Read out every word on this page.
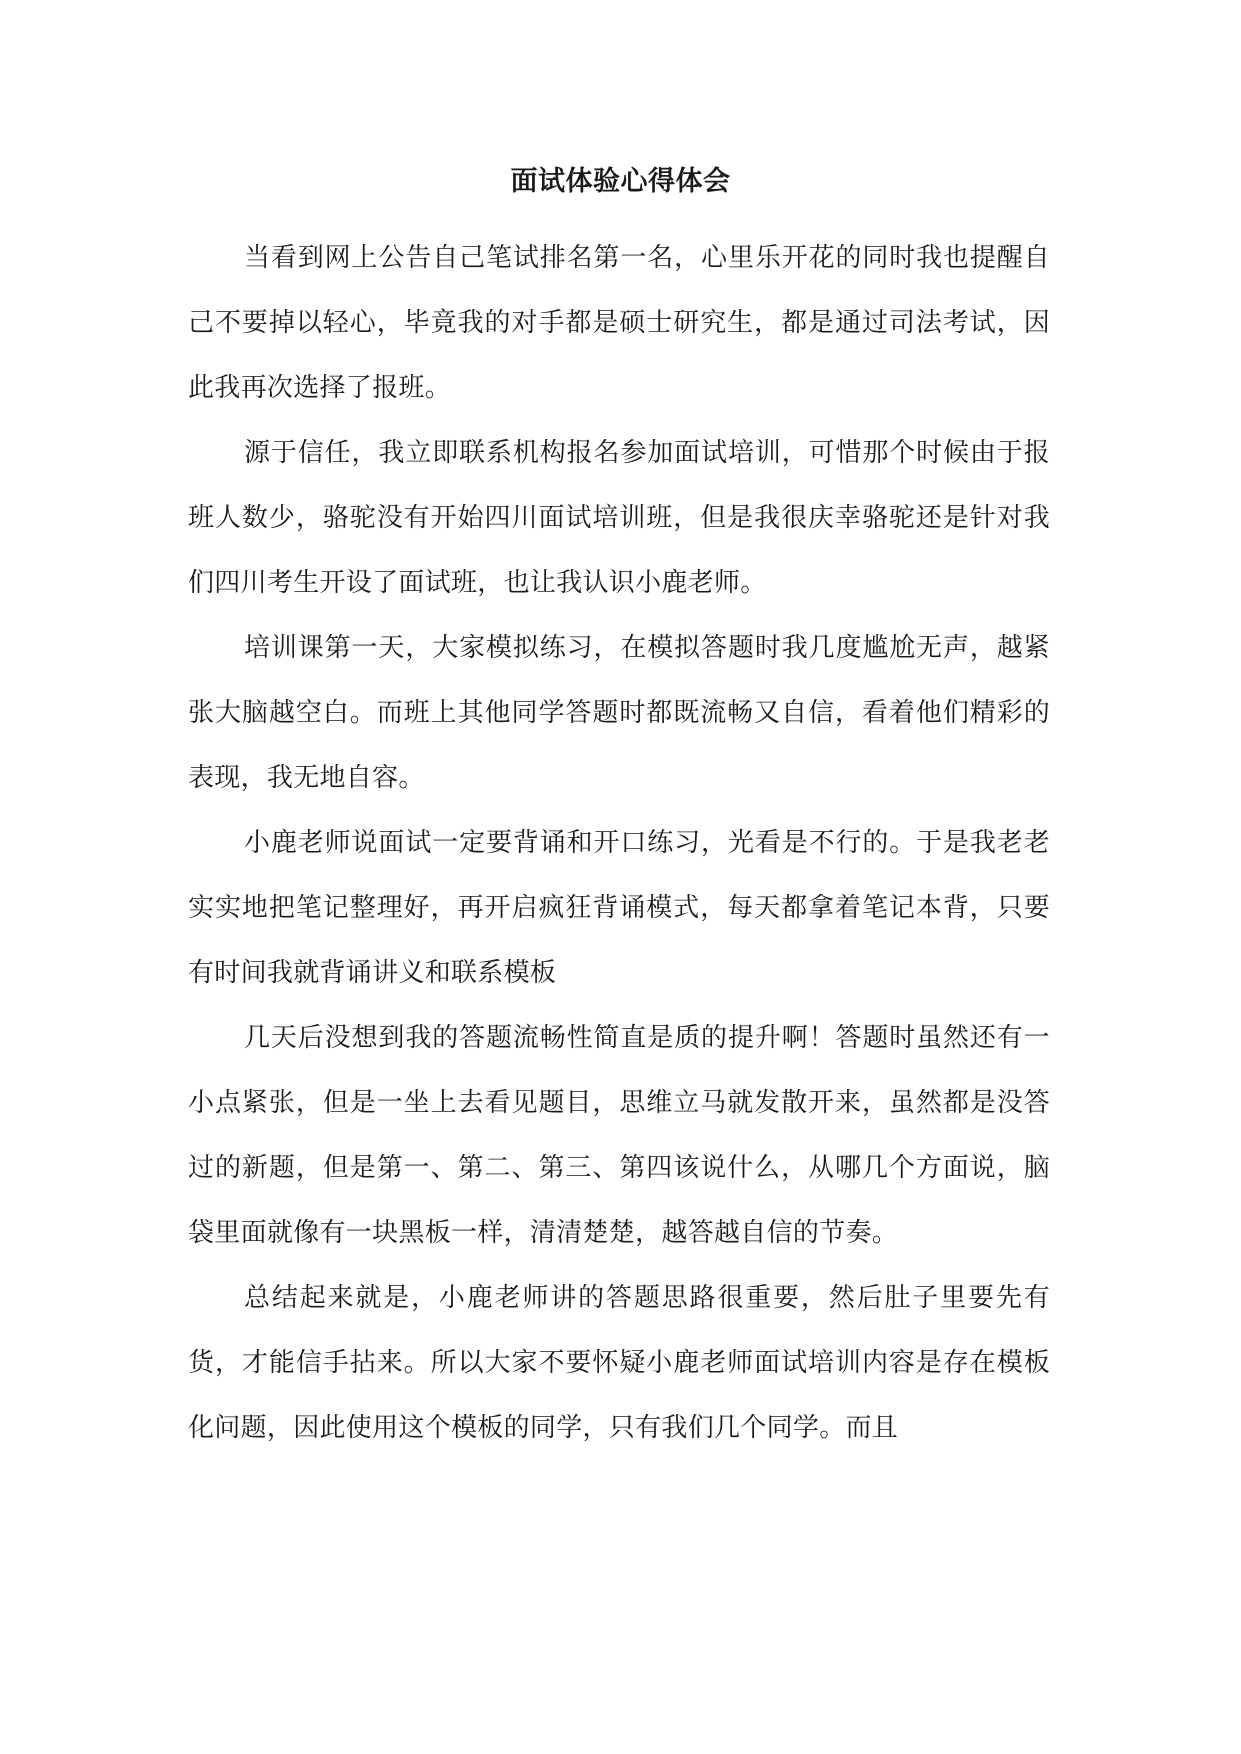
面试体验心得体会

当看到网上公告自己笔试排名第一名，心里乐开花的同时我也提醒自己不要掉以轻心，毕竟我的对手都是硕士研究生，都是通过司法考试，因此我再次选择了报班。

源于信任，我立即联系机构报名参加面试培训，可惜那个时候由于报班人数少，骆驼没有开始四川面试培训班，但是我很庆幸骆驼还是针对我们四川考生开设了面试班，也让我认识小鹿老师。

培训课第一天，大家模拟练习，在模拟答题时我几度尴尬无声，越紧张大脑越空白。而班上其他同学答题时都既流畅又自信，看着他们精彩的表现，我无地自容。

小鹿老师说面试一定要背诵和开口练习，光看是不行的。于是我老老实实地把笔记整理好，再开启疯狂背诵模式，每天都拿着笔记本背，只要有时间我就背诵讲义和联系模板

几天后没想到我的答题流畅性简直是质的提升啊！答题时虽然还有一小点紧张，但是一坐上去看见题目，思维立马就发散开来，虽然都是没答过的新题，但是第一、第二、第三、第四该说什么，从哪几个方面说，脑袋里面就像有一块黑板一样，清清楚楚，越答越自信的节奏。

总结起来就是，小鹿老师讲的答题思路很重要，然后肚子里要先有货，才能信手拈来。所以大家不要怀疑小鹿老师面试培训内容是存在模板化问题，因此使用这个模板的同学，只有我们几个同学。而且
